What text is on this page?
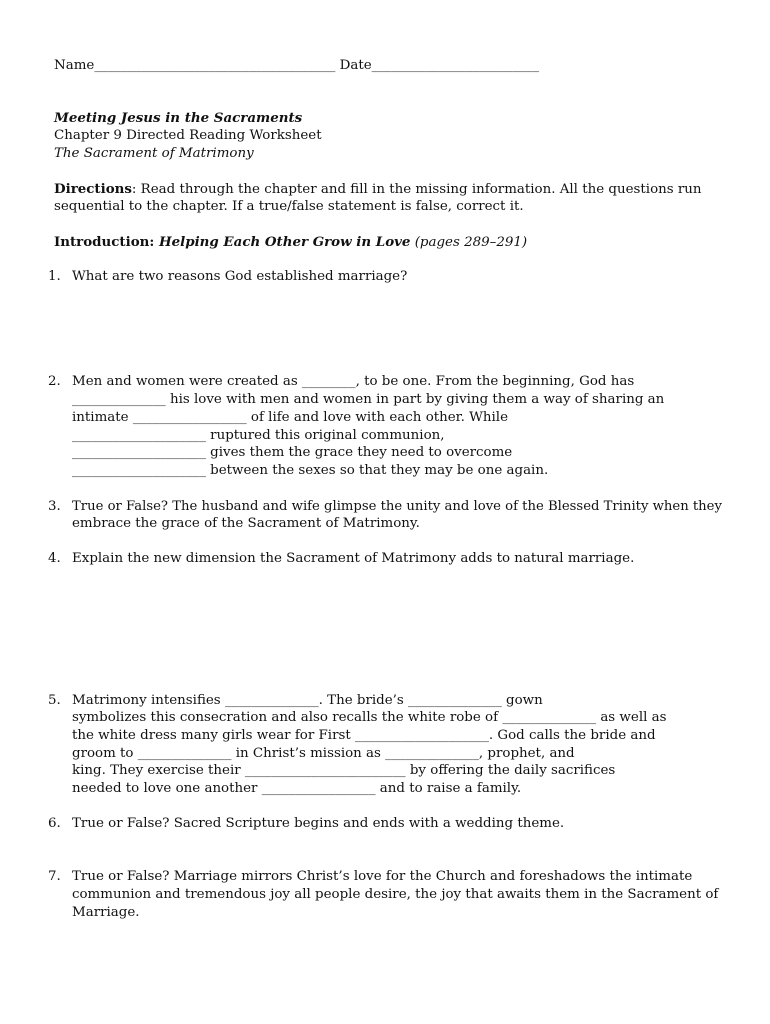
Name____________________________________ Date_________________________
Meeting Jesus in the Sacraments
Chapter 9 Directed Reading Worksheet
The Sacrament of Matrimony
Directions: Read through the chapter and fill in the missing information. All the questions run
sequential to the chapter. If a true/false statement is false, correct it.
Introduction: Helping Each Other Grow in Love (pages 289–291)
1. What are two reasons God established marriage?
2. Men and women were created as ________, to be one. From the beginning, God has
______________ his love with men and women in part by giving them a way of sharing an
intimate _________________ of life and love with each other. While
____________________ ruptured this original communion,
____________________ gives them the grace they need to overcome
____________________ between the sexes so that they may be one again.
3. True or False? The husband and wife glimpse the unity and love of the Blessed Trinity when they
embrace the grace of the Sacrament of Matrimony.
4. Explain the new dimension the Sacrament of Matrimony adds to natural marriage.
5. Matrimony intensifies ______________. The bride’s ______________ gown
symbolizes this consecration and also recalls the white robe of ______________ as well as
the white dress many girls wear for First ____________________. God calls the bride and
groom to ______________ in Christ’s mission as ______________, prophet, and
king. They exercise their ________________________ by offering the daily sacrifices
needed to love one another _________________ and to raise a family.
6. True or False? Sacred Scripture begins and ends with a wedding theme.
7. True or False? Marriage mirrors Christ’s love for the Church and foreshadows the intimate
communion and tremendous joy all people desire, the joy that awaits them in the Sacrament of
Marriage.
